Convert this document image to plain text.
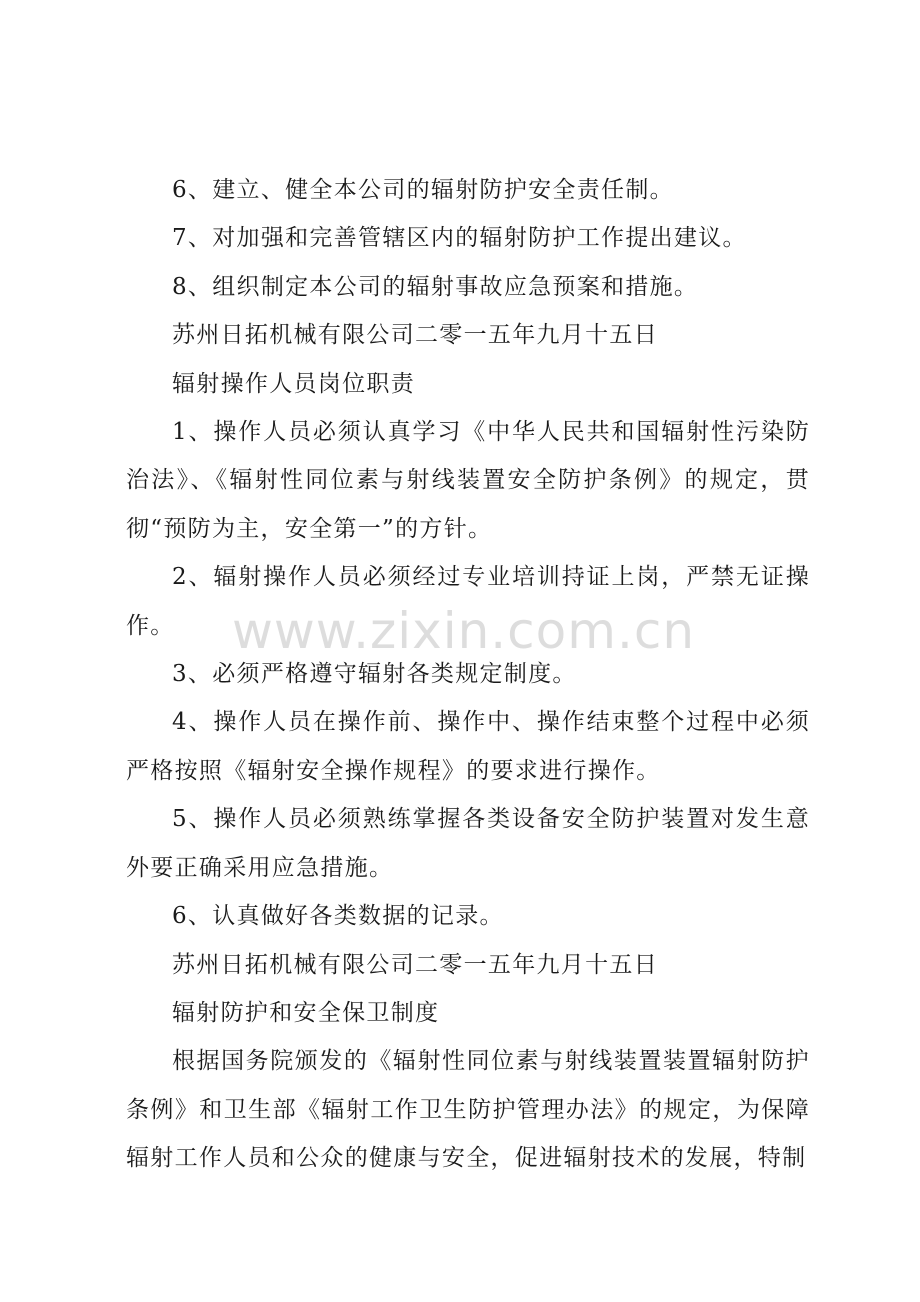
6、建立、健全本公司的辐射防护安全责任制。

7、对加强和完善管辖区内的辐射防护工作提出建议。

8、组织制定本公司的辐射事故应急预案和措施。

苏州日拓机械有限公司二零一五年九月十五日

辐射操作人员岗位职责

1、操作人员必须认真学习《中华人民共和国辐射性污染防治法》、《辐射性同位素与射线装置安全防护条例》的规定，贯彻“预防为主，安全第一”的方针。

2、辐射操作人员必须经过专业培训持证上岗，严禁无证操作。

3、必须严格遵守辐射各类规定制度。

4、操作人员在操作前、操作中、操作结束整个过程中必须严格按照《辐射安全操作规程》的要求进行操作。

5、操作人员必须熟练掌握各类设备安全防护装置对发生意外要正确采用应急措施。

6、认真做好各类数据的记录。

苏州日拓机械有限公司二零一五年九月十五日

辐射防护和安全保卫制度

根据国务院颁发的《辐射性同位素与射线装置装置辐射防护条例》和卫生部《辐射工作卫生防护管理办法》的规定，为保障辐射工作人员和公众的健康与安全，促进辐射技术的发展，特制

www.zixin.com.cn
